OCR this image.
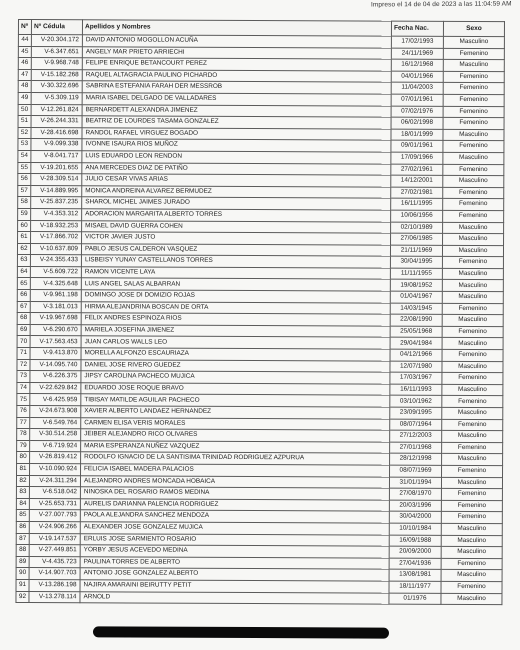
Impreso el 14 de 04 de 2023 a las 11:04:59 AM
Nº	Nº Cédula	Apellidos y Nombres	Fecha Nac.	Sexo
44	V-20.304.172	DAVID ANTONIO MOGOLLON ACUÑA	17/02/1993	Masculino
45	V-6.347.651	ANGELY MAR PRIETO ARRIECHI	24/11/1969	Femenino
46	V-9.968.748	FELIPE ENRIQUE BETANCOURT PEREZ	16/12/1968	Masculino
47	V-15.182.268	RAQUEL ALTAGRACIA PAULINO PICHARDO	04/01/1966	Femenino
48	V-30.322.696	SABRINA ESTEFANIA FARAH DER MESSROB	11/04/2003	Femenino
49	V-5.309.119	MARIA ISABEL DELGADO DE VALLADARES	07/01/1961	Femenino
50	V-12.261.824	BERNARDETT ALEXANDRA JIMENEZ	07/02/1976	Femenino
51	V-26.244.331	BEATRIZ DE LOURDES TASAMA GONZALEZ	06/02/1998	Femenino
52	V-28.416.698	RANDOL RAFAEL VIRGUEZ BOGADO	18/01/1999	Masculino
53	V-9.099.338	IVONNE ISAURA RIOS MUÑOZ	09/01/1961	Femenino
54	V-8.041.717	LUIS EDUARDO LEON RENDON	17/09/1966	Masculino
55	V-19.201.655	ANA MERCEDES DIAZ DE PATIÑO	27/02/1961	Femenino
56	V-28.309.514	JULIO CESAR VIVAS ARIAS	14/12/2001	Masculino
57	V-14.889.995	MONICA ANDREINA ALVAREZ BERMUDEZ	27/02/1981	Femenino
58	V-25.837.235	SHAROL MICHEL JAIMES JURADO	16/11/1995	Femenino
59	V-4.353.312	ADORACION MARGARITA ALBERTO TORRES	10/06/1956	Femenino
60	V-18.932.253	MISAEL DAVID GUERRA COHEN	02/10/1989	Masculino
61	V-17.866.702	VICTOR JAVIER JUSTO	27/06/1985	Masculino
62	V-10.637.809	PABLO JESUS CALDERON VASQUEZ	21/11/1969	Masculino
63	V-24.355.433	LISBEISY YUNAY CASTELLANOS TORRES	30/04/1995	Femenino
64	V-5.609.722	RAMON VICENTE LAYA	11/11/1955	Masculino
65	V-4.325.648	LUIS ANGEL SALAS ALBARRAN	19/08/1952	Masculino
66	V-9.961.198	DOMINGO JOSE DI DOMIZIO ROJAS	01/04/1967	Masculino
67	V-3.181.013	HIRMA ALEJANDRINA BOSCAN DE ORTA	14/03/1945	Femenino
68	V-19.967.698	FELIX ANDRES ESPINOZA RIOS	22/08/1990	Masculino
69	V-6.290.670	MARIELA JOSEFINA JIMENEZ	25/05/1968	Femenino
70	V-17.563.453	JUAN CARLOS WALLS LEO	29/04/1984	Masculino
71	V-9.413.870	MORELLA ALFONZO ESCAURIAZA	04/12/1966	Femenino
72	V-14.095.740	DANIEL JOSE RIVERO GUEDEZ	12/07/1980	Masculino
73	V-6.226.375	JIPSY CAROLINA PACHECO MUJICA	17/03/1967	Femenino
74	V-22.629.842	EDUARDO JOSE ROQUE BRAVO	16/11/1993	Masculino
75	V-6.425.959	TIBISAY MATILDE AGUILAR PACHECO	03/10/1962	Femenino
76	V-24.673.908	XAVIER ALBERTO LANDAEZ HERNANDEZ	23/09/1995	Masculino
77	V-6.549.764	CARMEN ELISA VERIS MORALES	08/07/1964	Femenino
78	V-30.514.258	JEIBER ALEJANDRO RICO OLIVARES	27/12/2003	Masculino
79	V-6.719.924	MARIA ESPERANZA NUÑEZ VAZQUEZ	27/01/1968	Femenino
80	V-26.819.412	RODOLFO IGNACIO DE LA SANTISIMA TRINIDAD RODRIGUEZ AZPURUA	28/12/1998	Masculino
81	V-10.090.924	FELICIA ISABEL MADERA PALACIOS	08/07/1969	Femenino
82	V-24.311.294	ALEJANDRO ANDRES MONCADA HOBAICA	31/01/1994	Masculino
83	V-6.518.042	NINOSKA DEL ROSARIO RAMOS MEDINA	27/08/1970	Femenino
84	V-25.653.731	AURELIS DARIANNA PALENCIA RODRIGUEZ	20/03/1996	Femenino
85	V-27.007.793	PAOLA ALEJANDRA SANCHEZ MENDOZA	30/04/2000	Femenino
86	V-24.906.266	ALEXANDER JOSE GONZALEZ MUJICA	10/10/1984	Masculino
87	V-19.147.537	ERLUIS JOSE SARMIENTO ROSARIO	16/09/1988	Masculino
88	V-27.449.851	YORBY JESUS ACEVEDO MEDINA	20/09/2000	Masculino
89	V-4.435.723	PAULINA TORRES DE ALBERTO	27/04/1936	Femenino
90	V-14.907.703	ANTONIO JOSE GONZALEZ ALBERTO	13/08/1981	Masculino
91	V-13.286.198	NAJIRA AMARAINI BEIRUTTY PETIT	18/11/1977	Femenino
92	V-13.278.114	ARNOLD	01/1976	Masculino
